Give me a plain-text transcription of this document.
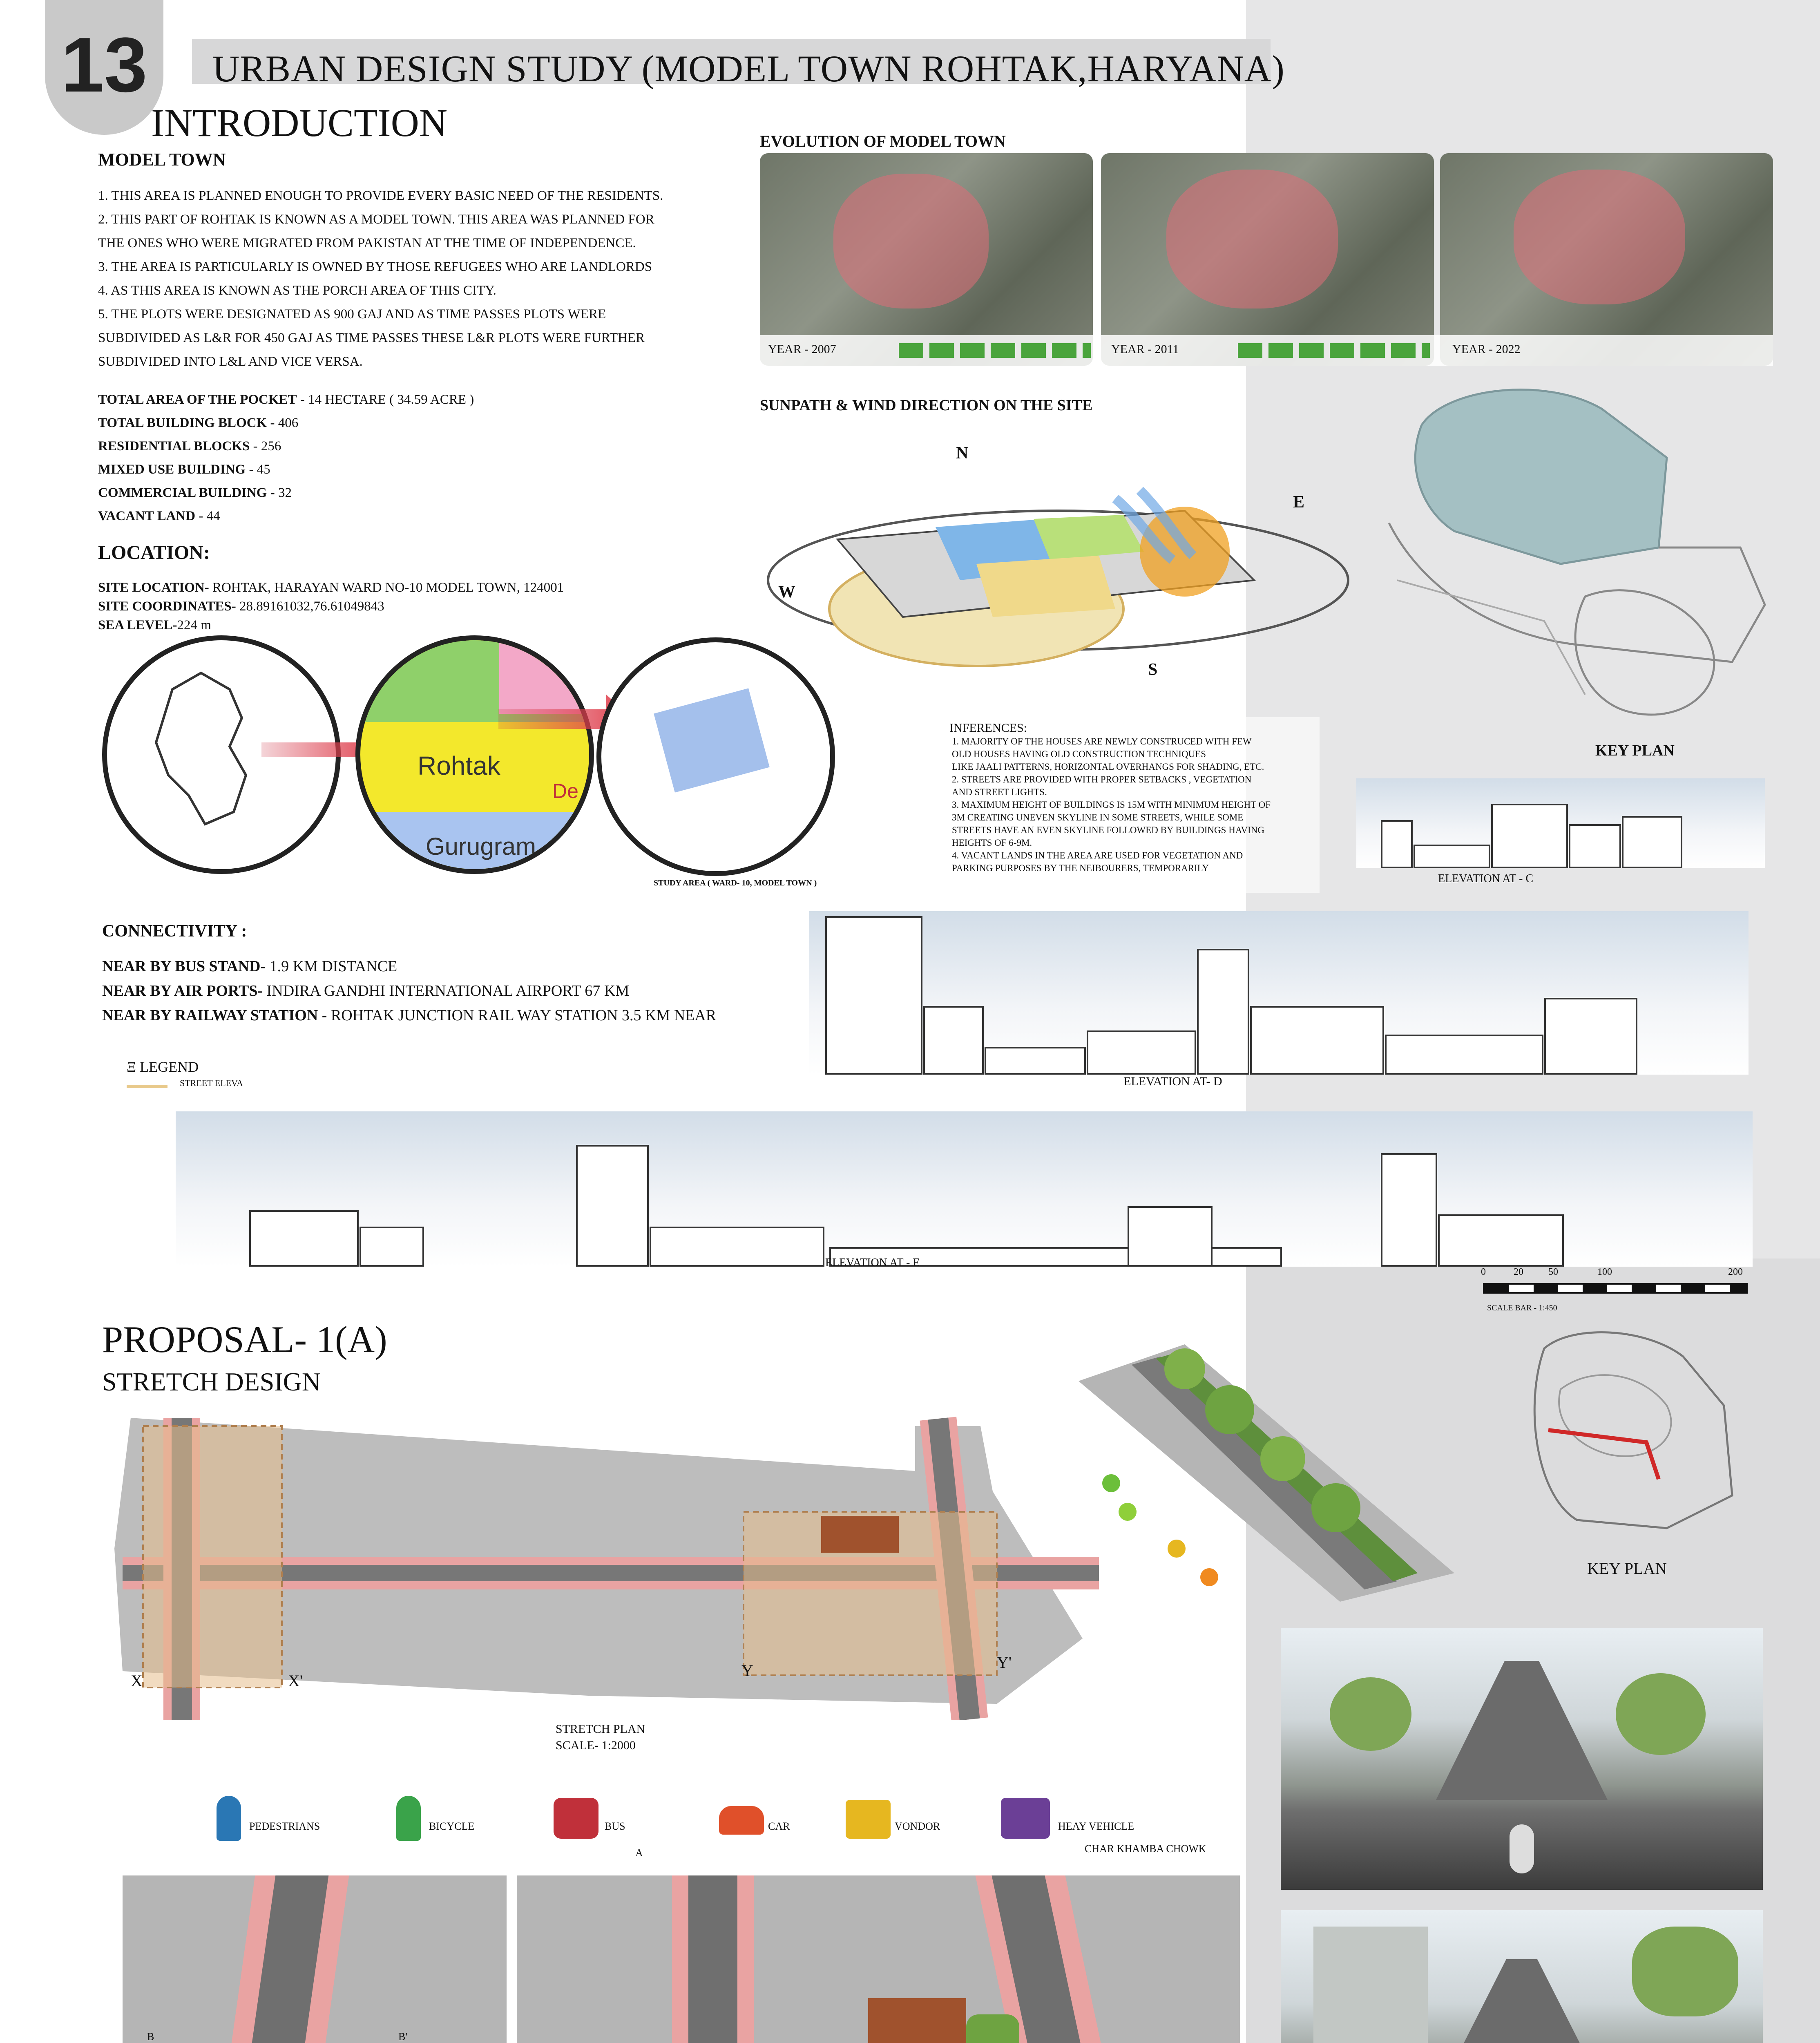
13	URBAN DESIGN STUDY (MODEL TOWN ROHTAK,HARYANA)
INTRODUCTION
MODEL TOWN
1. THIS AREA IS PLANNED ENOUGH TO PROVIDE EVERY BASIC NEED OF THE RESIDENTS.
2. THIS PART OF ROHTAK IS KNOWN AS A MODEL TOWN. THIS AREA WAS PLANNED FOR
THE ONES WHO WERE MIGRATED FROM PAKISTAN AT THE TIME OF INDEPENDENCE.
3. THE AREA IS PARTICULARLY IS OWNED BY THOSE REFUGEES WHO ARE LANDLORDS
4. AS THIS AREA IS KNOWN AS THE PORCH AREA OF THIS CITY.
5. THE PLOTS WERE DESIGNATED AS 900 GAJ AND AS TIME PASSES PLOTS WERE
SUBDIVIDED AS L&R FOR 450 GAJ AS TIME PASSES THESE L&R PLOTS WERE FURTHER
SUBDIVIDED INTO L&L AND VICE VERSA.
TOTAL AREA OF THE POCKET - 14 HECTARE ( 34.59 ACRE )
TOTAL BUILDING BLOCK - 406
RESIDENTIAL BLOCKS - 256
MIXED USE BUILDING - 45
COMMERCIAL BUILDING - 32
VACANT LAND - 44
LOCATION:
SITE LOCATION- ROHTAK, HARAYAN WARD NO-10 MODEL TOWN, 124001
SITE COORDINATES- 28.89161032,76.61049843
SEA LEVEL-224 m
ar
Rohtak
De
Gurugram
STUDY AREA ( WARD- 10, MODEL TOWN )
EVOLUTION OF MODEL TOWN
YEAR - 2007	YEAR - 2011	YEAR - 2022
SUNPATH & WIND DIRECTION ON THE SITE
N
E
W
S
KEY PLAN
INFERENCES:
1. MAJORITY OF THE HOUSES ARE NEWLY CONSTRUCED WITH FEW
OLD HOUSES HAVING OLD CONSTRUCTION TECHNIQUES
LIKE JAALI PATTERNS, HORIZONTAL OVERHANGS FOR SHADING, ETC.
2. STREETS ARE PROVIDED WITH PROPER SETBACKS , VEGETATION
AND STREET LIGHTS.
3. MAXIMUM HEIGHT OF BUILDINGS IS 15M WITH MINIMUM HEIGHT OF
3M CREATING UNEVEN SKYLINE IN SOME STREETS, WHILE SOME
STREETS HAVE AN EVEN SKYLINE FOLLOWED BY BUILDINGS HAVING
HEIGHTS OF 6-9M.
4. VACANT LANDS IN THE AREA ARE USED FOR VEGETATION AND
PARKING PURPOSES BY THE NEIBOURERS, TEMPORARILY
ELEVATION AT - C
CONNECTIVITY :
NEAR BY BUS STAND- 1.9 KM DISTANCE
NEAR BY AIR PORTS- INDIRA GANDHI INTERNATIONAL AIRPORT 67 KM
NEAR BY RAILWAY STATION - ROHTAK JUNCTION RAIL WAY STATION 3.5 KM NEAR
ELEVATION AT- D
Ξ LEGEND
STREET ELEVA
ELEVATION AT - E
0	20	50	100	200
SCALE BAR - 1:450
PROPOSAL- 1(A)
STRETCH DESIGN
X	X'
Y	Y'
STRETCH PLAN
SCALE- 1:2000
KEY PLAN
PEDESTRIANS	BICYCLE	BUS	CAR	VONDOR	HEAY VEHICLE
CHAR KHAMBA CHOWK
B	B'
A
